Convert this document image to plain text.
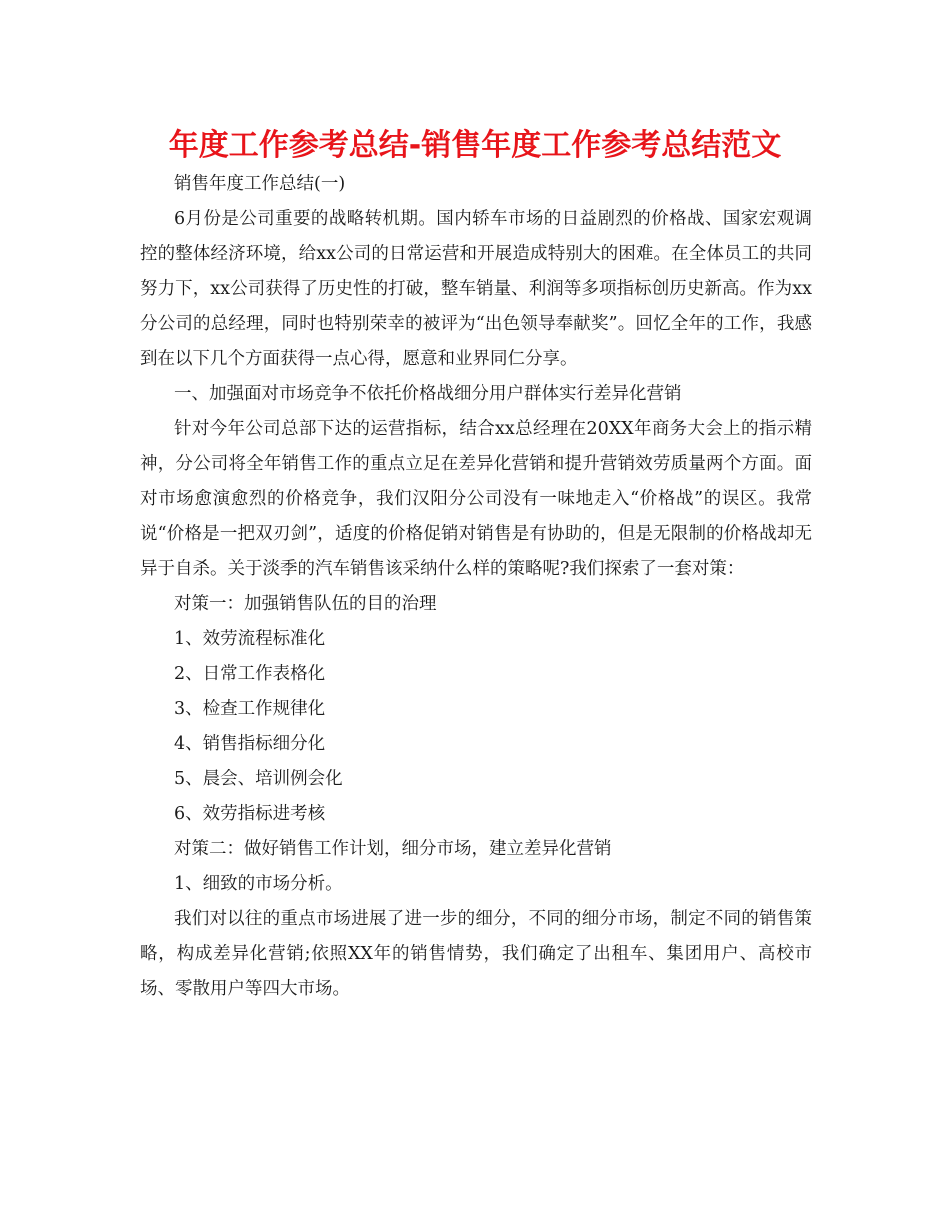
年度工作参考总结-销售年度工作参考总结范文

销售年度工作总结(一)

6月份是公司重要的战略转机期。国内轿车市场的日益剧烈的价格战、国家宏观调控的整体经济环境，给xx公司的日常运营和开展造成特别大的困难。在全体员工的共同努力下，xx公司获得了历史性的打破，整车销量、利润等多项指标创历史新高。作为xx分公司的总经理，同时也特别荣幸的被评为“出色领导奉献奖”。回忆全年的工作，我感到在以下几个方面获得一点心得，愿意和业界同仁分享。

一、加强面对市场竞争不依托价格战细分用户群体实行差异化营销

针对今年公司总部下达的运营指标，结合xx总经理在20XX年商务大会上的指示精神，分公司将全年销售工作的重点立足在差异化营销和提升营销效劳质量两个方面。面对市场愈演愈烈的价格竞争，我们汉阳分公司没有一味地走入“价格战”的误区。我常说“价格是一把双刃剑”，适度的价格促销对销售是有协助的，但是无限制的价格战却无异于自杀。关于淡季的汽车销售该采纳什么样的策略呢?我们探索了一套对策：

对策一：加强销售队伍的目的治理

1、效劳流程标准化

2、日常工作表格化

3、检查工作规律化

4、销售指标细分化

5、晨会、培训例会化

6、效劳指标进考核

对策二：做好销售工作计划，细分市场，建立差异化营销

1、细致的市场分析。

我们对以往的重点市场进展了进一步的细分，不同的细分市场，制定不同的销售策略，构成差异化营销;依照XX年的销售情势，我们确定了出租车、集团用户、高校市场、零散用户等四大市场。
